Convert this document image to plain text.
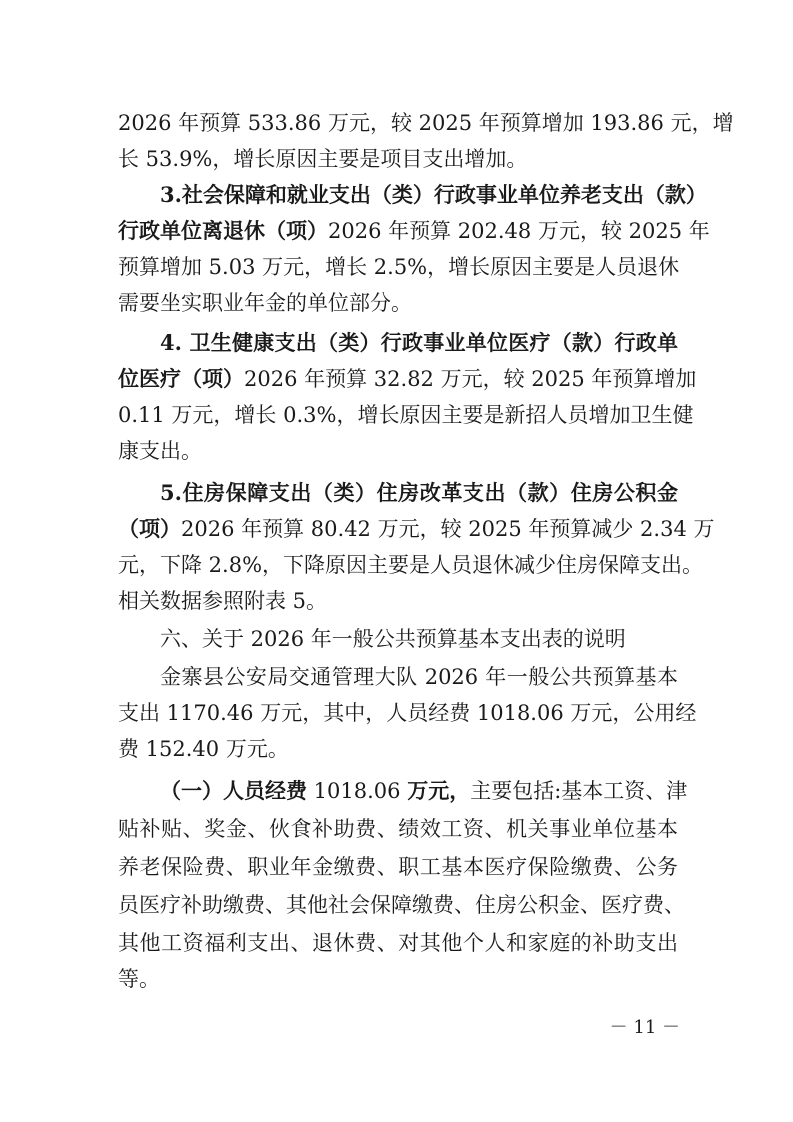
2026 年预算 533.86 万元，较 2025 年预算增加 193.86 元，增
长 53.9%，增长原因主要是项目支出增加。
3.社会保障和就业支出（类）行政事业单位养老支出（款）
行政单位离退休（项）2026 年预算 202.48 万元，较 2025 年
预算增加 5.03 万元，增长 2.5%，增长原因主要是人员退休
需要坐实职业年金的单位部分。
4. 卫生健康支出（类）行政事业单位医疗（款）行政单
位医疗（项）2026 年预算 32.82 万元，较 2025 年预算增加
0.11 万元，增长 0.3%，增长原因主要是新招人员增加卫生健
康支出。
5.住房保障支出（类）住房改革支出（款）住房公积金
（项）2026 年预算 80.42 万元，较 2025 年预算减少 2.34 万
元，下降 2.8%，下降原因主要是人员退休减少住房保障支出。
相关数据参照附表 5。
六、关于 2026 年一般公共预算基本支出表的说明
金寨县公安局交通管理大队 2026 年一般公共预算基本
支出 1170.46 万元，其中，人员经费 1018.06 万元，公用经
费 152.40 万元。
（一）人员经费 1018.06 万元，主要包括:基本工资、津
贴补贴、奖金、伙食补助费、绩效工资、机关事业单位基本
养老保险费、职业年金缴费、职工基本医疗保险缴费、公务
员医疗补助缴费、其他社会保障缴费、住房公积金、医疗费、
其他工资福利支出、退休费、对其他个人和家庭的补助支出
等。
－ 11 －
